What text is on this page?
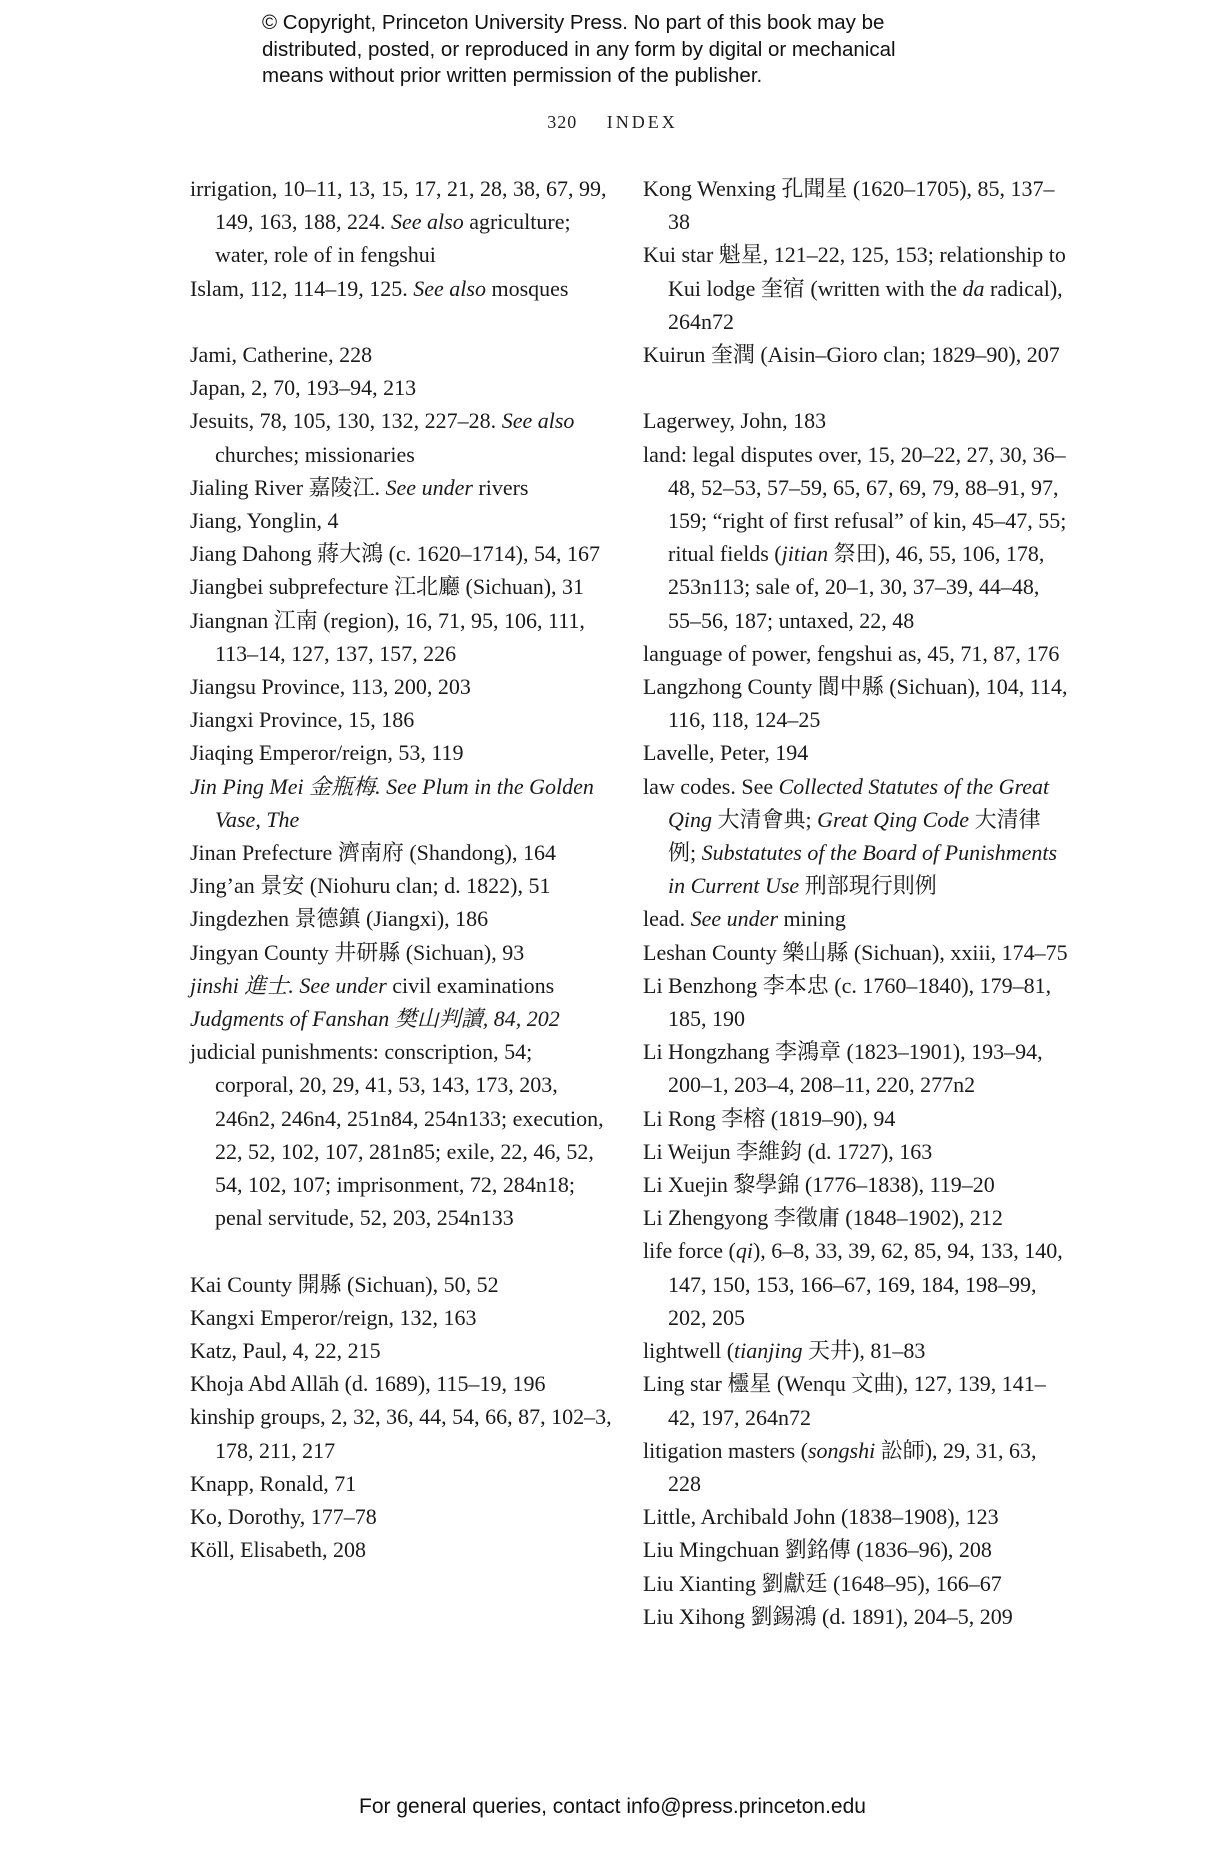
© Copyright, Princeton University Press. No part of this book may be
distributed, posted, or reproduced in any form by digital or mechanical
means without prior written permission of the publisher.
320 INDEX
irrigation, 10–11, 13, 15, 17, 21, 28, 38, 67, 99, 149, 163, 188, 224. See also agriculture; water, role of in fengshui
Islam, 112, 114–19, 125. See also mosques
Jami, Catherine, 228
Japan, 2, 70, 193–94, 213
Jesuits, 78, 105, 130, 132, 227–28. See also churches; missionaries
Jialing River 嘉陵江. See under rivers
Jiang, Yonglin, 4
Jiang Dahong 蔣大鴻 (c. 1620–1714), 54, 167
Jiangbei subprefecture 江北廳 (Sichuan), 31
Jiangnan 江南 (region), 16, 71, 95, 106, 111, 113–14, 127, 137, 157, 226
Jiangsu Province, 113, 200, 203
Jiangxi Province, 15, 186
Jiaqing Emperor/reign, 53, 119
Jin Ping Mei 金瓶梅. See Plum in the Golden Vase, The
Jinan Prefecture 濟南府 (Shandong), 164
Jing’an 景安 (Niohuru clan; d. 1822), 51
Jingdezhen 景德鎮 (Jiangxi), 186
Jingyan County 井研縣 (Sichuan), 93
jinshi 進士. See under civil examinations
Judgments of Fanshan 樊山判讀, 84, 202
judicial punishments: conscription, 54; corporal, 20, 29, 41, 53, 143, 173, 203, 246n2, 246n4, 251n84, 254n133; execution, 22, 52, 102, 107, 281n85; exile, 22, 46, 52, 54, 102, 107; imprisonment, 72, 284n18; penal servitude, 52, 203, 254n133
Kai County 開縣 (Sichuan), 50, 52
Kangxi Emperor/reign, 132, 163
Katz, Paul, 4, 22, 215
Khoja Abd Allāh (d. 1689), 115–19, 196
kinship groups, 2, 32, 36, 44, 54, 66, 87, 102–3, 178, 211, 217
Knapp, Ronald, 71
Ko, Dorothy, 177–78
Köll, Elisabeth, 208
Kong Wenxing 孔聞星 (1620–1705), 85, 137–38
Kui star 魁星, 121–22, 125, 153; relationship to Kui lodge 奎宿 (written with the da radical), 264n72
Kuirun 奎潤 (Aisin–Gioro clan; 1829–90), 207
Lagerwey, John, 183
land: legal disputes over, 15, 20–22, 27, 30, 36–48, 52–53, 57–59, 65, 67, 69, 79, 88–91, 97, 159; “right of first refusal” of kin, 45–47, 55; ritual fields (jitian 祭田), 46, 55, 106, 178, 253n113; sale of, 20–1, 30, 37–39, 44–48, 55–56, 187; untaxed, 22, 48
language of power, fengshui as, 45, 71, 87, 176
Langzhong County 閬中縣 (Sichuan), 104, 114, 116, 118, 124–25
Lavelle, Peter, 194
law codes. See Collected Statutes of the Great Qing 大清會典; Great Qing Code 大清律例; Substatutes of the Board of Punishments in Current Use 刑部現行則例
lead. See under mining
Leshan County 樂山縣 (Sichuan), xxiii, 174–75
Li Benzhong 李本忠 (c. 1760–1840), 179–81, 185, 190
Li Hongzhang 李鴻章 (1823–1901), 193–94, 200–1, 203–4, 208–11, 220, 277n2
Li Rong 李榕 (1819–90), 94
Li Weijun 李維鈞 (d. 1727), 163
Li Xuejin 黎學錦 (1776–1838), 119–20
Li Zhengyong 李徵庸 (1848–1902), 212
life force (qi), 6–8, 33, 39, 62, 85, 94, 133, 140, 147, 150, 153, 166–67, 169, 184, 198–99, 202, 205
lightwell (tianjing 天井), 81–83
Ling star 欞星 (Wenqu 文曲), 127, 139, 141–42, 197, 264n72
litigation masters (songshi 訟師), 29, 31, 63, 228
Little, Archibald John (1838–1908), 123
Liu Mingchuan 劉銘傳 (1836–96), 208
Liu Xianting 劉獻廷 (1648–95), 166–67
Liu Xihong 劉錫鴻 (d. 1891), 204–5, 209
For general queries, contact info@press.princeton.edu
